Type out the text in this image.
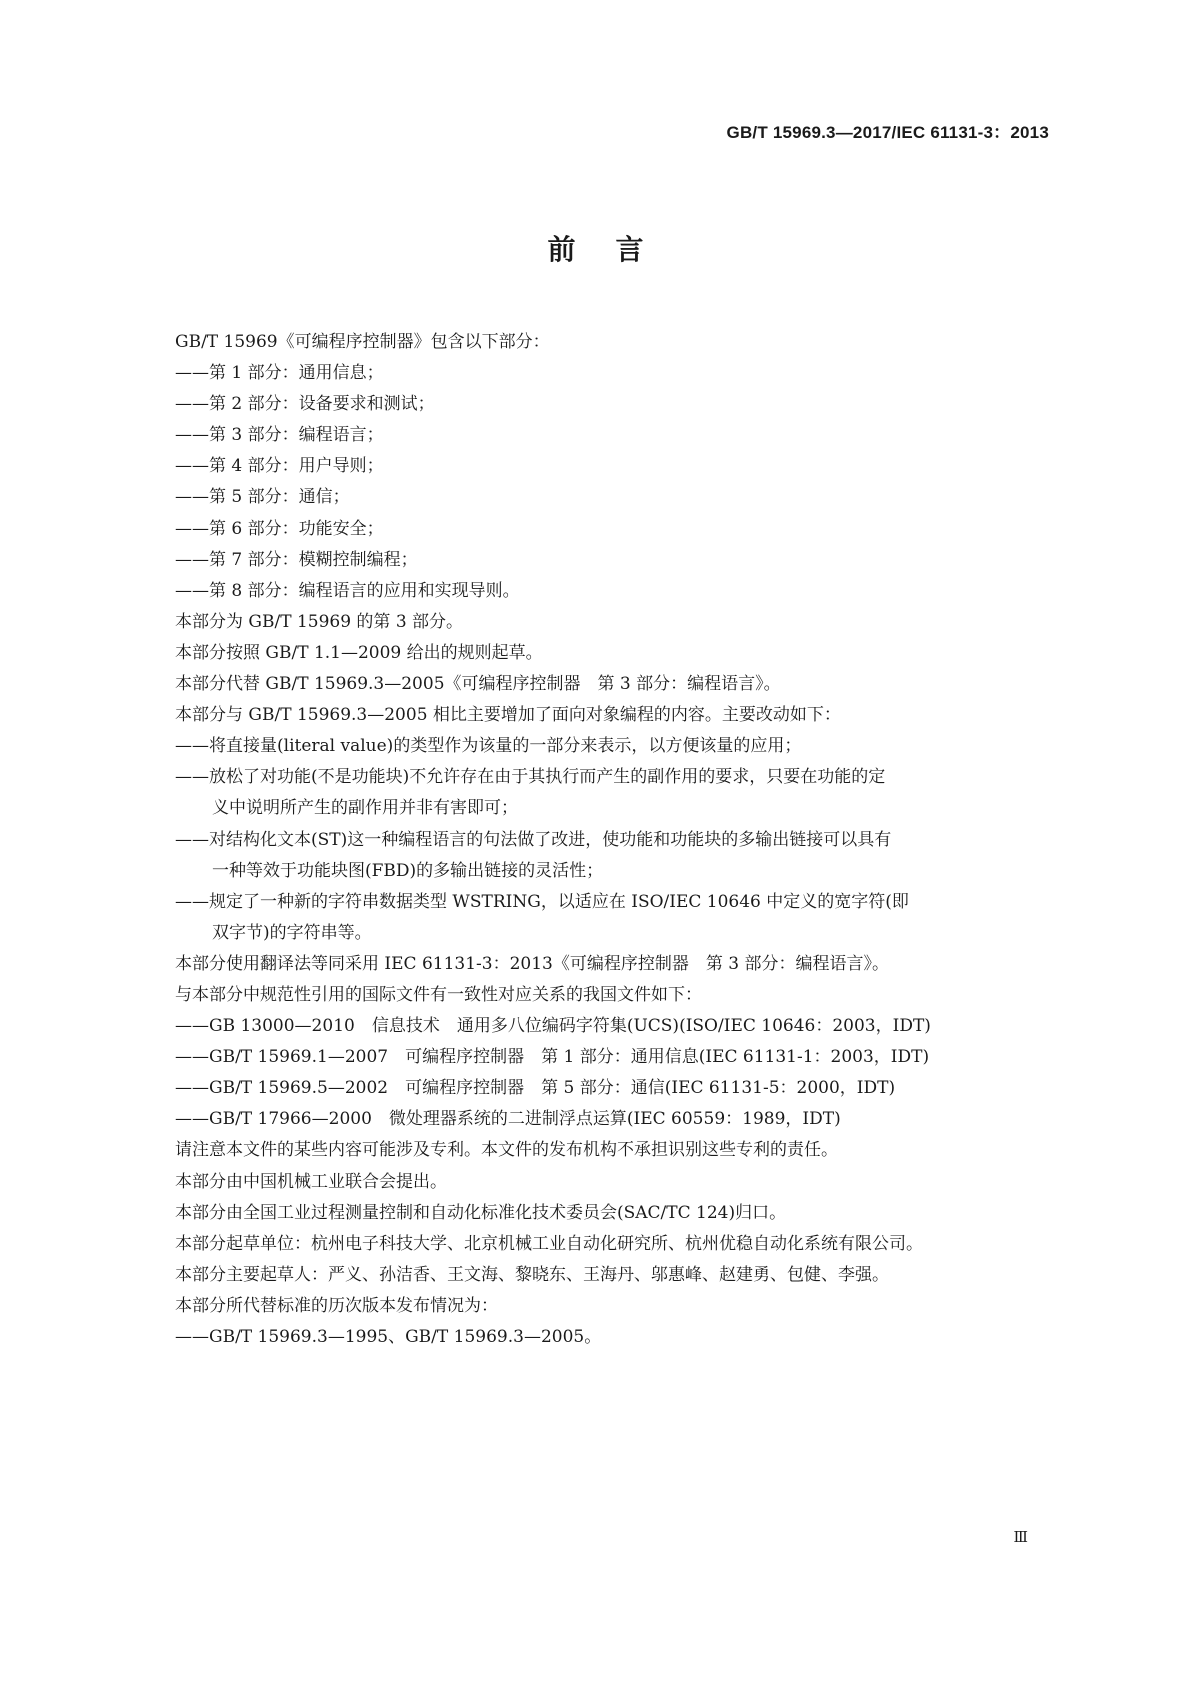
GB/T 15969.3—2017/IEC 61131-3：2013
前言
GB/T 15969《可编程序控制器》包含以下部分：
——第 1 部分：通用信息；
——第 2 部分：设备要求和测试；
——第 3 部分：编程语言；
——第 4 部分：用户导则；
——第 5 部分：通信；
——第 6 部分：功能安全；
——第 7 部分：模糊控制编程；
——第 8 部分：编程语言的应用和实现导则。
本部分为 GB/T 15969 的第 3 部分。
本部分按照 GB/T 1.1—2009 给出的规则起草。
本部分代替 GB/T 15969.3—2005《可编程序控制器　第 3 部分：编程语言》。
本部分与 GB/T 15969.3—2005 相比主要增加了面向对象编程的内容。主要改动如下：
——将直接量(literal value)的类型作为该量的一部分来表示，以方便该量的应用；
——放松了对功能(不是功能块)不允许存在由于其执行而产生的副作用的要求，只要在功能的定
义中说明所产生的副作用并非有害即可；
——对结构化文本(ST)这一种编程语言的句法做了改进，使功能和功能块的多输出链接可以具有
一种等效于功能块图(FBD)的多输出链接的灵活性；
——规定了一种新的字符串数据类型 WSTRING，以适应在 ISO/IEC 10646 中定义的宽字符(即
双字节)的字符串等。
本部分使用翻译法等同采用 IEC 61131-3：2013《可编程序控制器　第 3 部分：编程语言》。
与本部分中规范性引用的国际文件有一致性对应关系的我国文件如下：
——GB 13000—2010　信息技术　通用多八位编码字符集(UCS)(ISO/IEC 10646：2003，IDT)
——GB/T 15969.1—2007　可编程序控制器　第 1 部分：通用信息(IEC 61131-1：2003，IDT)
——GB/T 15969.5—2002　可编程序控制器　第 5 部分：通信(IEC 61131-5：2000，IDT)
——GB/T 17966—2000　微处理器系统的二进制浮点运算(IEC 60559：1989，IDT)
请注意本文件的某些内容可能涉及专利。本文件的发布机构不承担识别这些专利的责任。
本部分由中国机械工业联合会提出。
本部分由全国工业过程测量控制和自动化标准化技术委员会(SAC/TC 124)归口。
本部分起草单位：杭州电子科技大学、北京机械工业自动化研究所、杭州优稳自动化系统有限公司。
本部分主要起草人：严义、孙洁香、王文海、黎晓东、王海丹、邬惠峰、赵建勇、包健、李强。
本部分所代替标准的历次版本发布情况为：
——GB/T 15969.3—1995、GB/T 15969.3—2005。
Ⅲ
